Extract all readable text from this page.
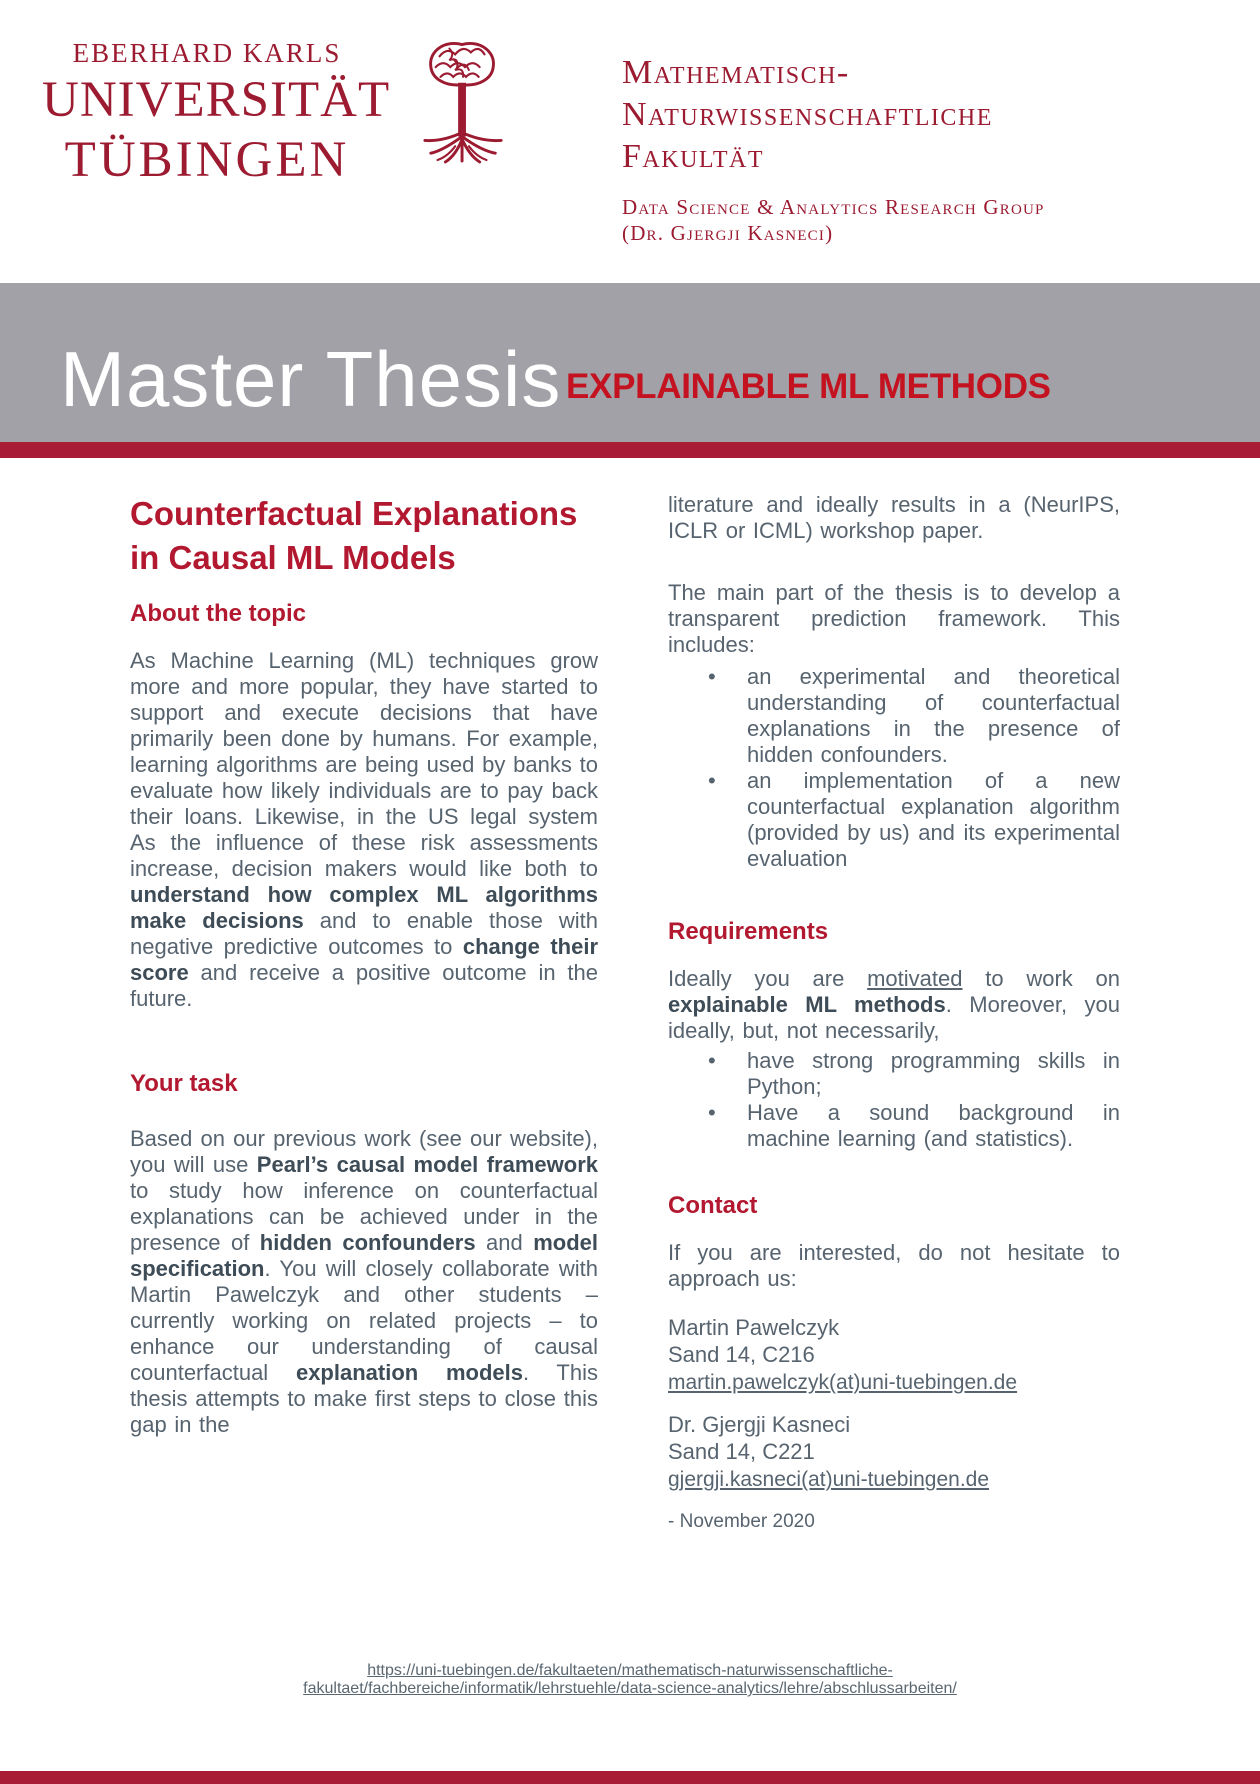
EBERHARD KARLS
UNIVERSITÄT
TÜBINGEN
Mathematisch-
Naturwissenschaftliche
Fakultät
Data Science & Analytics Research Group
(Dr. Gjergji Kasneci)
Master Thesis EXPLAINABLE ML METHODS
Counterfactual Explanations in Causal ML Models
About the topic

As Machine Learning (ML) techniques grow more and more popular, they have started to support and execute decisions that have primarily been done by humans. For example, learning algorithms are being used by banks to evaluate how likely individuals are to pay back their loans. Likewise, in the US legal system As the influence of these risk assessments increase, decision makers would like both to understand how complex ML algorithms make decisions and to enable those with negative predictive outcomes to change their score and receive a positive outcome in the future.

Your task

Based on our previous work (see our website), you will use Pearl’s causal model framework to study how inference on counterfactual explanations can be achieved under in the presence of hidden confounders and model specification. You will closely collaborate with Martin Pawelczyk and other students – currently working on related projects – to enhance our understanding of causal counterfactual explanation models. This thesis attempts to make first steps to close this gap in the

literature and ideally results in a (NeurIPS, ICLR or ICML) workshop paper.

The main part of the thesis is to develop a transparent prediction framework. This includes:

• an experimental and theoretical understanding of counterfactual explanations in the presence of hidden confounders.
• an implementation of a new counterfactual explanation algorithm (provided by us) and its experimental evaluation
Requirements

Ideally you are motivated to work on explainable ML methods. Moreover, you ideally, but, not necessarily,

• have strong programming skills in Python;
• Have a sound background in machine learning (and statistics).
Contact

If you are interested, do not hesitate to approach us:

Martin Pawelczyk
Sand 14, C216
martin.pawelczyk(at)uni-tuebingen.de
Dr. Gjergji Kasneci
Sand 14, C221
gjergji.kasneci(at)uni-tuebingen.de
- November 2020
https://uni-tuebingen.de/fakultaeten/mathematisch-naturwissenschaftliche-
fakultaet/fachbereiche/informatik/lehrstuehle/data-science-analytics/lehre/abschlussarbeiten/
